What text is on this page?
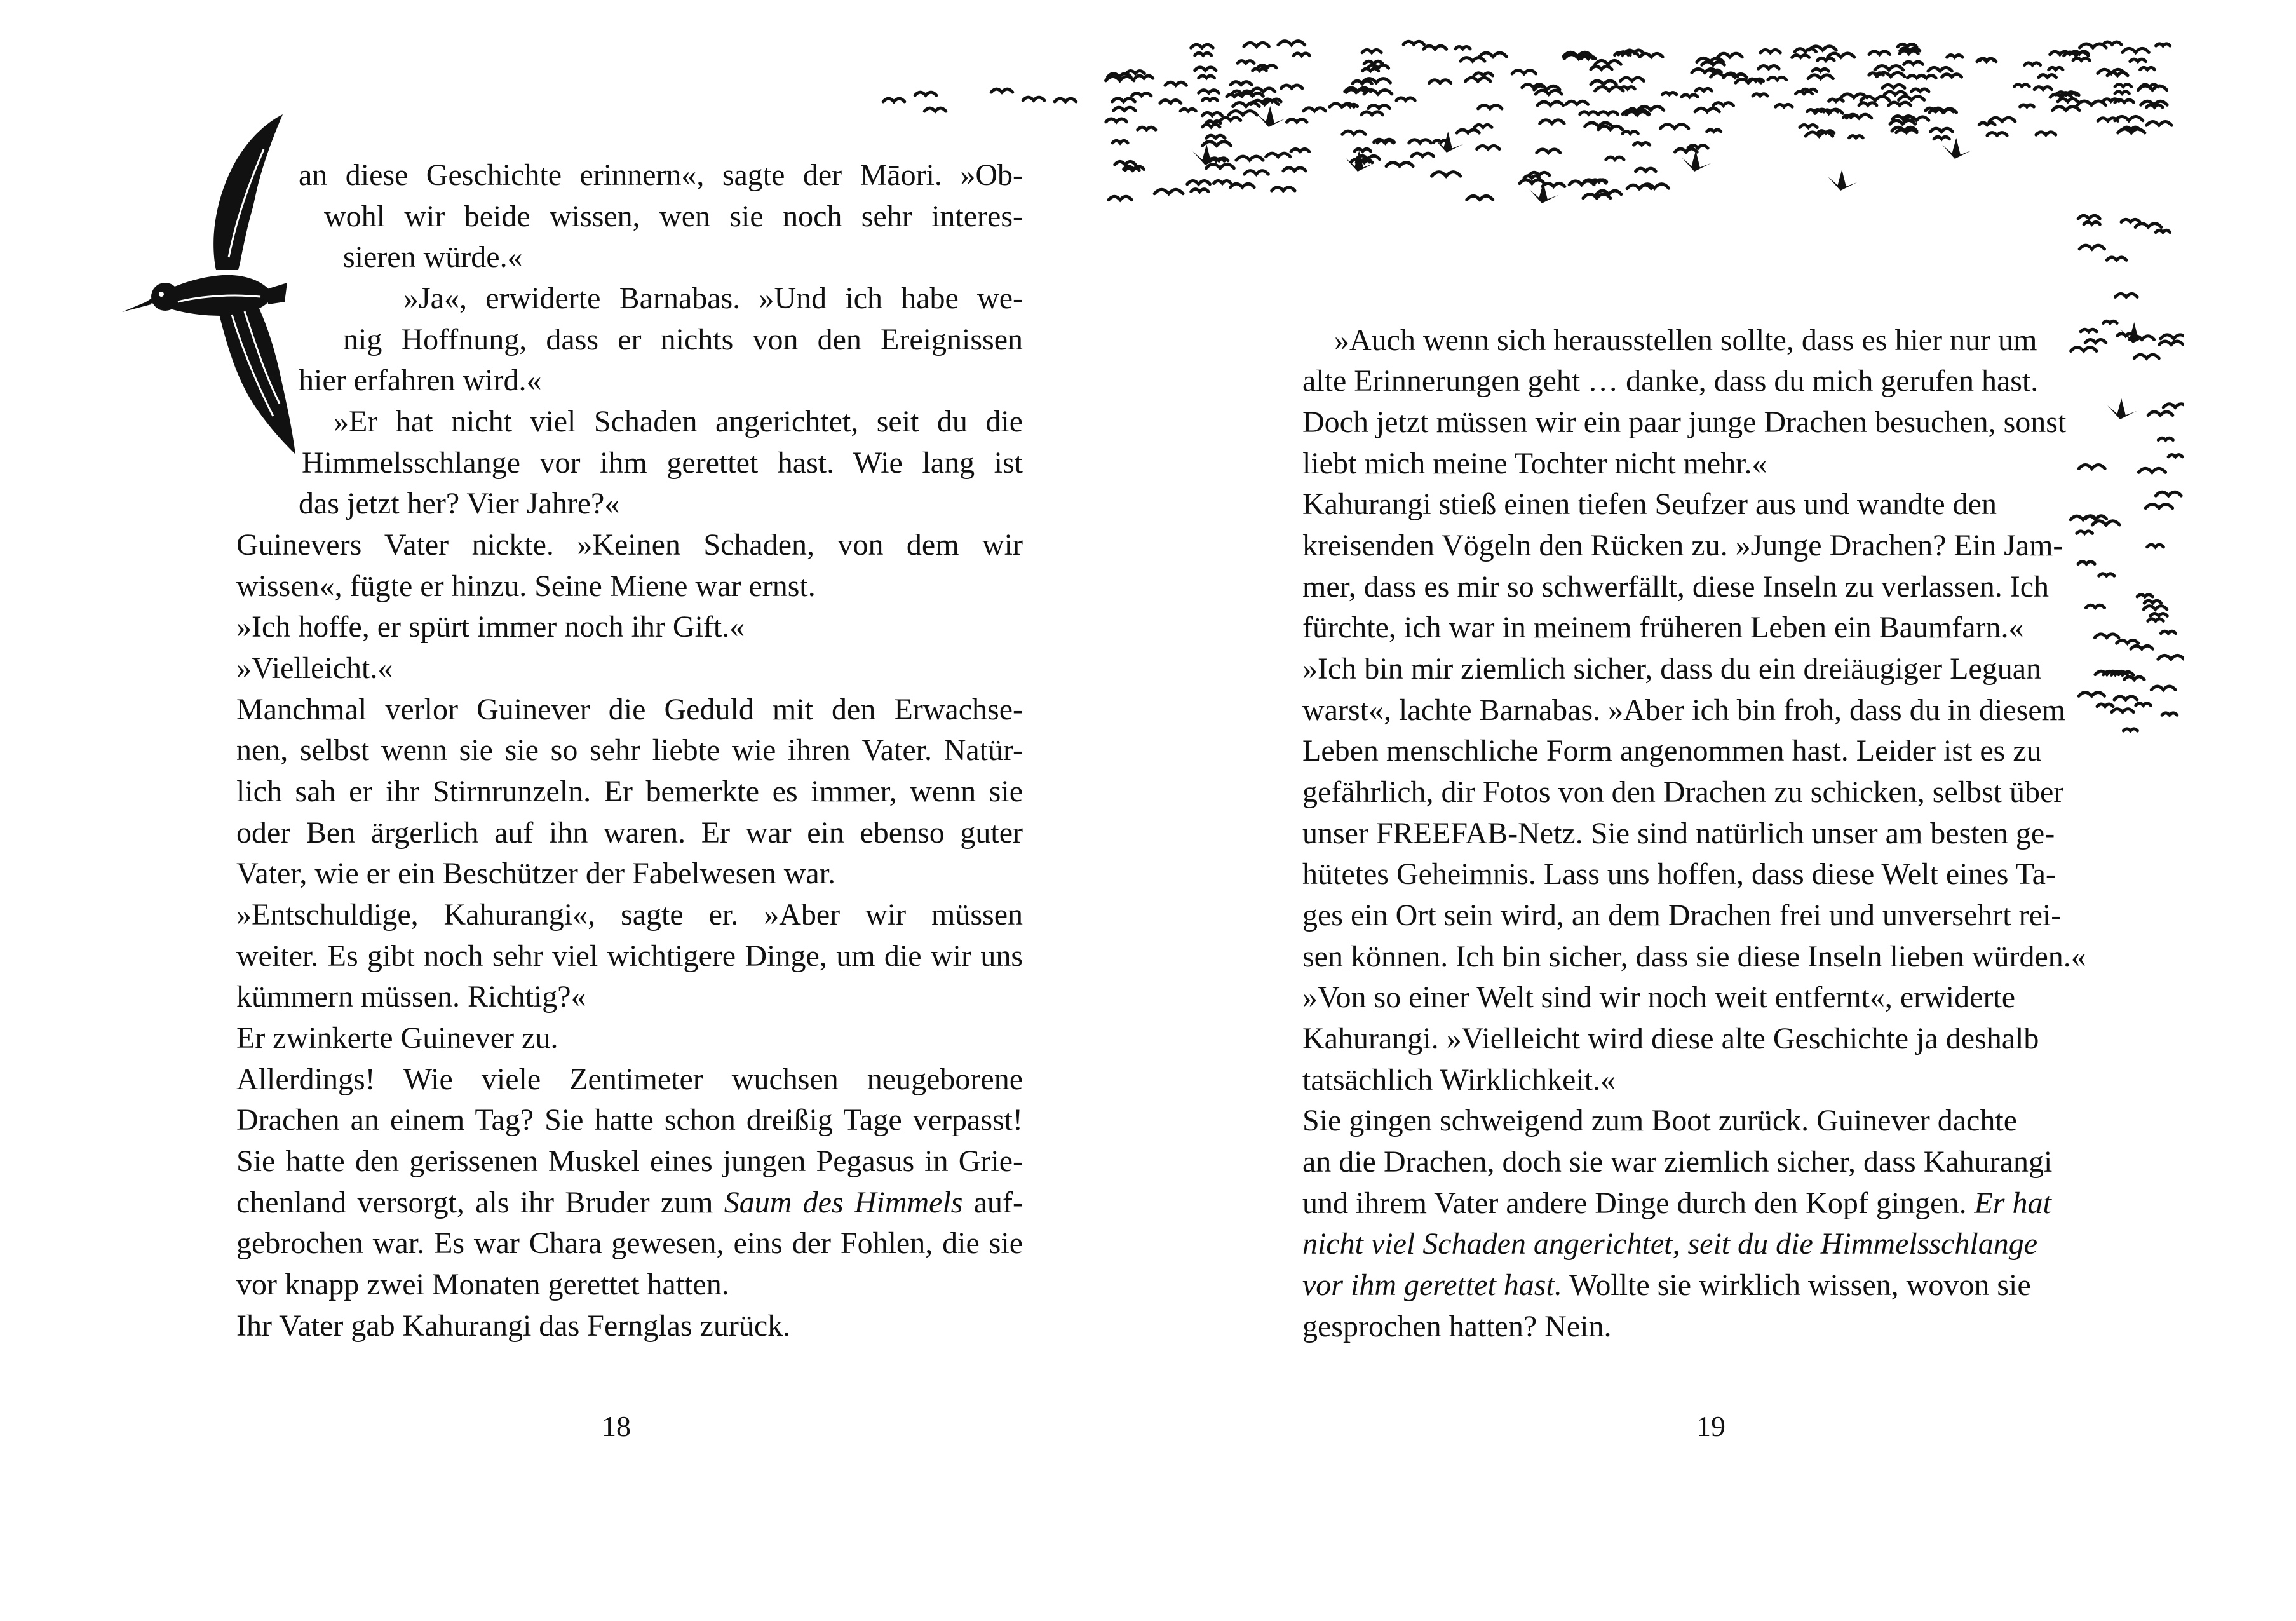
an diese Geschichte erinnern«, sagte der Māori. »Ob-

wohl wir beide wissen, wen sie noch sehr interes-

sieren würde.«

»Ja«, erwiderte Barnabas. »Und ich habe we-

nig Hoffnung, dass er nichts von den Ereignissen

hier erfahren wird.«

»Er hat nicht viel Schaden angerichtet, seit du die

Himmelsschlange vor ihm gerettet hast. Wie lang ist

das jetzt her? Vier Jahre?«

Guinevers Vater nickte. »Keinen Schaden, von dem wir

wissen«, fügte er hinzu. Seine Miene war ernst.

»Ich hoffe, er spürt immer noch ihr Gift.«

»Vielleicht.«

Manchmal verlor Guinever die Geduld mit den Erwachse-

nen, selbst wenn sie sie so sehr liebte wie ihren Vater. Natür-

lich sah er ihr Stirnrunzeln. Er bemerkte es immer, wenn sie

oder Ben ärgerlich auf ihn waren. Er war ein ebenso guter

Vater, wie er ein Beschützer der Fabelwesen war.

»Entschuldige, Kahurangi«, sagte er. »Aber wir müssen

weiter. Es gibt noch sehr viel wichtigere Dinge, um die wir uns

kümmern müssen. Richtig?«

Er zwinkerte Guinever zu.

Allerdings! Wie viele Zentimeter wuchsen neugeborene

Drachen an einem Tag? Sie hatte schon dreißig Tage verpasst!

Sie hatte den gerissenen Muskel eines jungen Pegasus in Grie-

chenland versorgt, als ihr Bruder zum Saum des Himmels auf-

gebrochen war. Es war Chara gewesen, eins der Fohlen, die sie

vor knapp zwei Monaten gerettet hatten.

Ihr Vater gab Kahurangi das Fernglas zurück.

18

»Auch wenn sich herausstellen sollte, dass es hier nur um

alte Erinnerungen geht … danke, dass du mich gerufen hast.

Doch jetzt müssen wir ein paar junge Drachen besuchen, sonst

liebt mich meine Tochter nicht mehr.«

Kahurangi stieß einen tiefen Seufzer aus und wandte den

kreisenden Vögeln den Rücken zu. »Junge Drachen? Ein Jam-

mer, dass es mir so schwerfällt, diese Inseln zu verlassen. Ich

fürchte, ich war in meinem früheren Leben ein Baumfarn.«

»Ich bin mir ziemlich sicher, dass du ein dreiäugiger Leguan

warst«, lachte Barnabas. »Aber ich bin froh, dass du in diesem

Leben menschliche Form angenommen hast. Leider ist es zu

gefährlich, dir Fotos von den Drachen zu schicken, selbst über

unser FREEFAB-Netz. Sie sind natürlich unser am besten ge-

hütetes Geheimnis. Lass uns hoffen, dass diese Welt eines Ta-

ges ein Ort sein wird, an dem Drachen frei und unversehrt rei-

sen können. Ich bin sicher, dass sie diese Inseln lieben würden.«

»Von so einer Welt sind wir noch weit entfernt«, erwiderte

Kahurangi. »Vielleicht wird diese alte Geschichte ja deshalb

tatsächlich Wirklichkeit.«

Sie gingen schweigend zum Boot zurück. Guinever dachte

an die Drachen, doch sie war ziemlich sicher, dass Kahurangi

und ihrem Vater andere Dinge durch den Kopf gingen. Er hat

nicht viel Schaden angerichtet, seit du die Himmelsschlange

vor ihm gerettet hast. Wollte sie wirklich wissen, wovon sie

gesprochen hatten? Nein.

19
